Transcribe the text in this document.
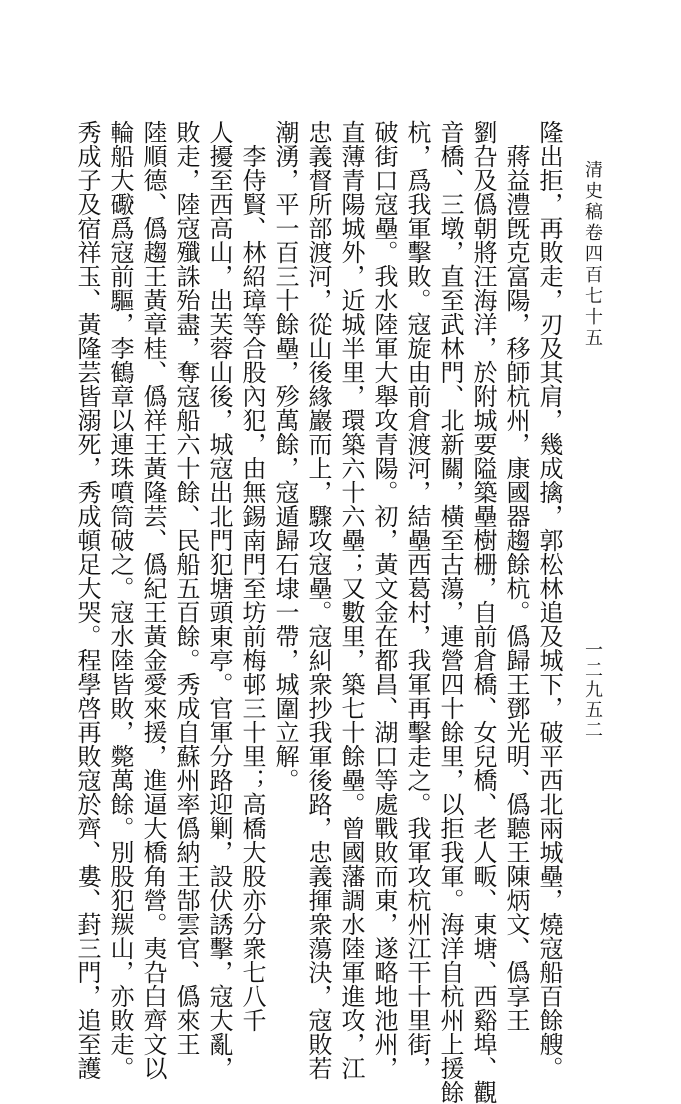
清史稿卷四百七十五
一二九五二
隆出拒，再敗走，刃及其肩，幾成擒，郭松林追及城下，破平西北兩城壘，燒寇船百餘艘。
蔣益澧旣克富陽，移師杭州，康國器趨餘杭。僞歸王鄧光明、僞聽王陳炳文、僞享王
劉叴及僞朝將汪海洋，於附城要隘築壘樹栅，自前倉橋、女兒橋、老人畈、東塘、西谿埠、觀
音橋、三墩，直至武林門、北新關，橫至古蕩，連營四十餘里，以拒我軍。海洋自杭州上援餘
杭，爲我軍擊敗。寇旋由前倉渡河，結壘西葛村，我軍再擊走之。我軍攻杭州江干十里街，
破街口寇壘。我水陸軍大舉攻青陽。初，黃文金在都昌、湖口等處戰敗而東，遂略地池州，
直薄青陽城外，近城半里，環築六十六壘；又數里，築七十餘壘。曾國藩調水陸軍進攻，江
忠義督所部渡河，從山後緣巖而上，驟攻寇壘。寇糾衆抄我軍後路，忠義揮衆蕩決，寇敗若
潮湧，平一百三十餘壘，殄萬餘，寇遁歸石埭一帶，城圍立解。
李侍賢、林紹璋等合股內犯，由無錫南門至坊前梅邨三十里；高橋大股亦分衆七八千
人擾至西高山，出芙蓉山後，城寇出北門犯塘頭東亭。官軍分路迎剿，設伏誘擊，寇大亂，
敗走，陸寇殲誅殆盡，奪寇船六十餘、民船五百餘。秀成自蘇州率僞納王郜雲官、僞來王
陸順德、僞趨王黃章桂、僞祥王黃隆芸、僞紀王黃金愛來援，進逼大橋角營。夷叴白齊文以
輪船大礮爲寇前驅，李鶴章以連珠噴筒破之。寇水陸皆敗，斃萬餘。別股犯羰山，亦敗走。
秀成子及宿祥玉、黃隆芸皆溺死，秀成頓足大哭。程學啓再敗寇於齊、婁、葑三門，追至護
